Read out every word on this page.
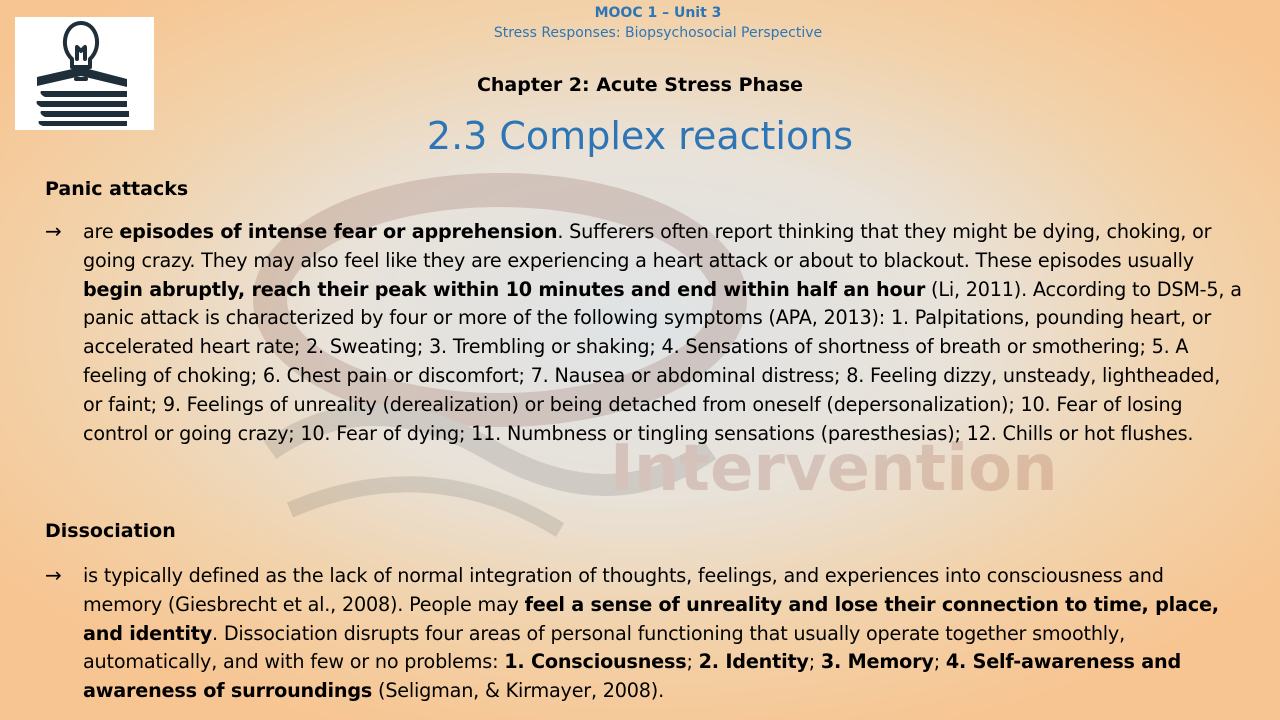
Intervention
MOOC 1 – Unit 3
Stress Responses: Biopsychosocial Perspective
Chapter 2: Acute Stress Phase
2.3 Complex reactions
Panic attacks
→ are episodes of intense fear or apprehension. Sufferers often report thinking that they might be dying, choking, or going crazy. They may also feel like they are experiencing a heart attack or about to blackout. These episodes usually begin abruptly, reach their peak within 10 minutes and end within half an hour (Li, 2011). According to DSM-5, a panic attack is characterized by four or more of the following symptoms (APA, 2013): 1. Palpitations, pounding heart, or accelerated heart rate; 2. Sweating; 3. Trembling or shaking; 4. Sensations of shortness of breath or smothering; 5. A feeling of choking; 6. Chest pain or discomfort; 7. Nausea or abdominal distress; 8. Feeling dizzy, unsteady, lightheaded, or faint; 9. Feelings of unreality (derealization) or being detached from oneself (depersonalization); 10. Fear of losing control or going crazy; 10. Fear of dying; 11. Numbness or tingling sensations (paresthesias); 12. Chills or hot flushes.

Dissociation
→ is typically defined as the lack of normal integration of thoughts, feelings, and experiences into consciousness and memory (Giesbrecht et al., 2008). People may feel a sense of unreality and lose their connection to time, place, and identity. Dissociation disrupts four areas of personal functioning that usually operate together smoothly, automatically, and with few or no problems: 1. Consciousness; 2. Identity; 3. Memory; 4. Self-awareness and awareness of surroundings (Seligman, & Kirmayer, 2008).
